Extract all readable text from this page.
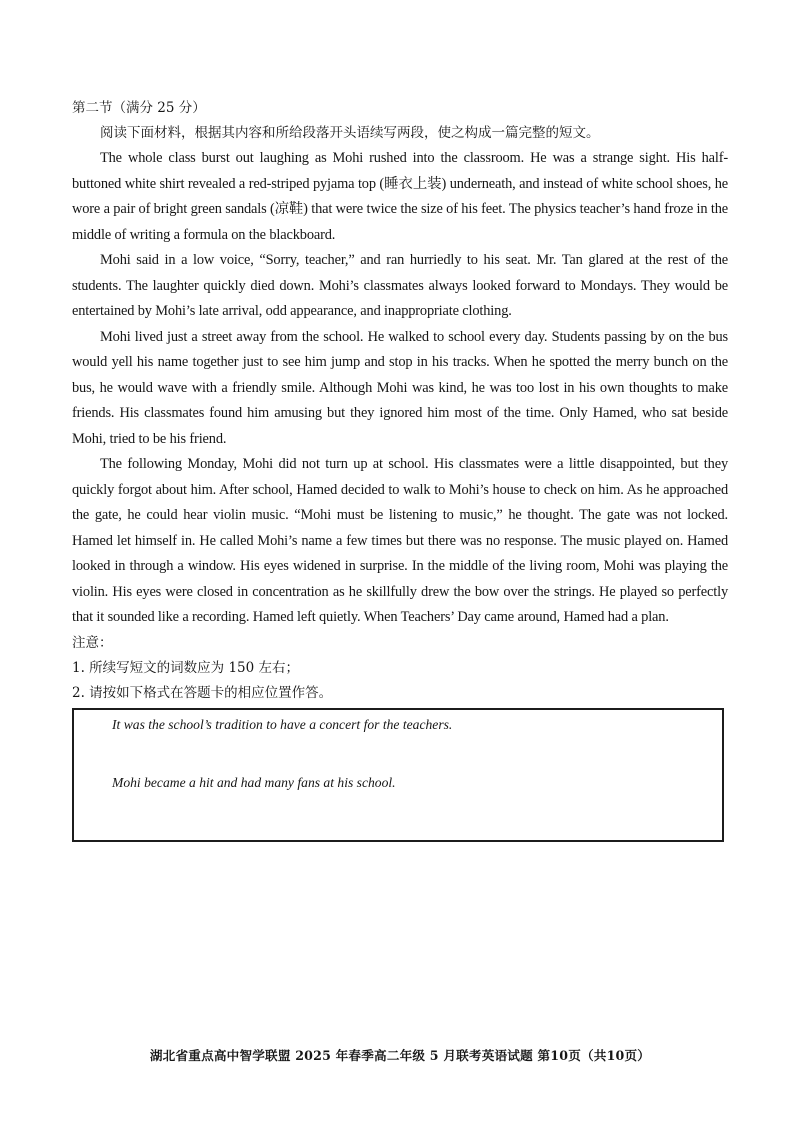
第二节（满分 25 分）

阅读下面材料，根据其内容和所给段落开头语续写两段，使之构成一篇完整的短文。

The whole class burst out laughing as Mohi rushed into the classroom. He was a strange sight. His half-buttoned white shirt revealed a red-striped pyjama top (睡衣上装) underneath, and instead of white school shoes, he wore a pair of bright green sandals (凉鞋) that were twice the size of his feet. The physics teacher’s hand froze in the middle of writing a formula on the blackboard.

Mohi said in a low voice, “Sorry, teacher,” and ran hurriedly to his seat. Mr. Tan glared at the rest of the students. The laughter quickly died down. Mohi’s classmates always looked forward to Mondays. They would be entertained by Mohi’s late arrival, odd appearance, and inappropriate clothing.

Mohi lived just a street away from the school. He walked to school every day. Students passing by on the bus would yell his name together just to see him jump and stop in his tracks. When he spotted the merry bunch on the bus, he would wave with a friendly smile. Although Mohi was kind, he was too lost in his own thoughts to make friends. His classmates found him amusing but they ignored him most of the time. Only Hamed, who sat beside Mohi, tried to be his friend.

The following Monday, Mohi did not turn up at school. His classmates were a little disappointed, but they quickly forgot about him. After school, Hamed decided to walk to Mohi’s house to check on him. As he approached the gate, he could hear violin music. “Mohi must be listening to music,” he thought. The gate was not locked. Hamed let himself in. He called Mohi’s name a few times but there was no response. The music played on. Hamed looked in through a window. His eyes widened in surprise. In the middle of the living room, Mohi was playing the violin. His eyes were closed in concentration as he skillfully drew the bow over the strings. He played so perfectly that it sounded like a recording. Hamed left quietly. When Teachers’ Day came around, Hamed had a plan.

注意：

1. 所续写短文的词数应为 150 左右；

2. 请按如下格式在答题卡的相应位置作答。

It was the school’s tradition to have a concert for the teachers.

Mohi became a hit and had many fans at his school.

湖北省重点高中智学联盟 2025 年春季高二年级 5 月联考英语试题 第10页（共10页）
